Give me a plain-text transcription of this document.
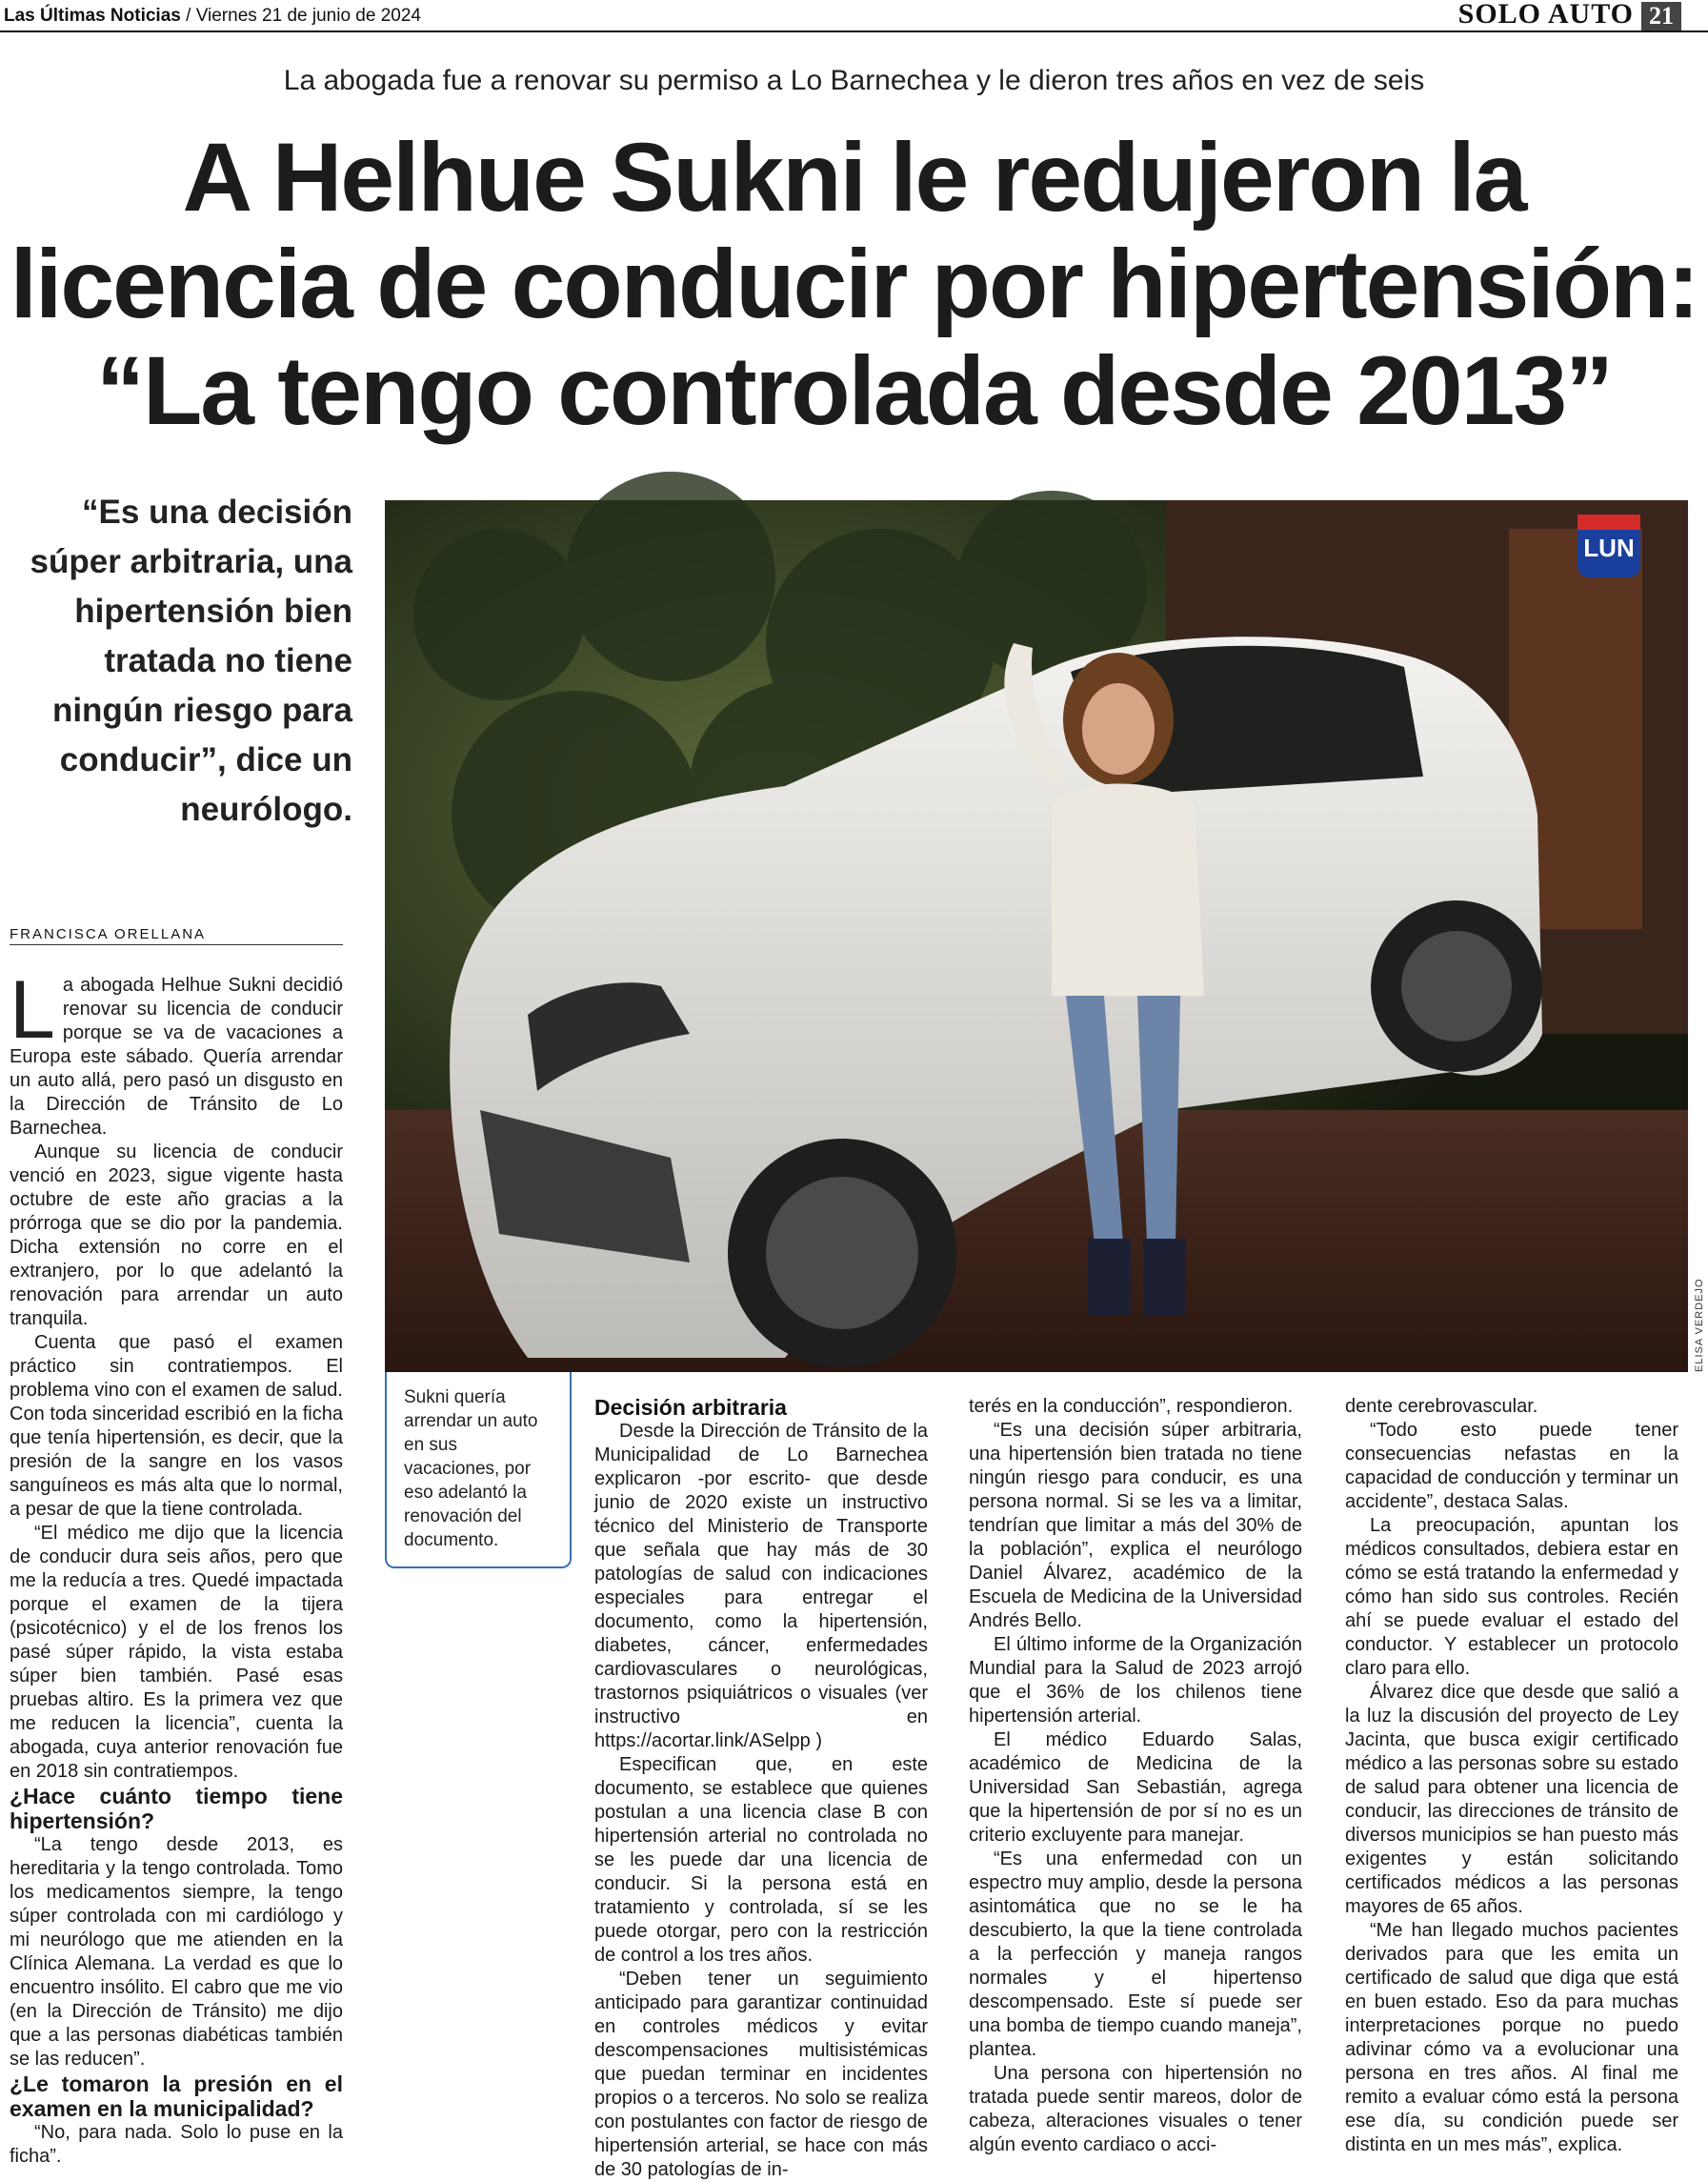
Las Últimas Noticias / Viernes 21 de junio de 2024	SOLO AUTO 21
La abogada fue a renovar su permiso a Lo Barnechea y le dieron tres años en vez de seis
A Helhue Sukni le redujeron la licencia de conducir por hipertensión: “La tengo controlada desde 2013”
“Es una decisión súper arbitraria, una hipertensión bien tratada no tiene ningún riesgo para conducir”, dice un neurólogo.
LUN
ELISA VERDEJO
Sukni quería arrendar un auto en sus vacaciones, por eso adelantó la renovación del documento.
FRANCISCA ORELLANA

La abogada Helhue Sukni decidió renovar su licencia de conducir porque se va de vacaciones a Europa este sábado. Quería arrendar un auto allá, pero pasó un disgusto en la Dirección de Tránsito de Lo Barnechea.

Aunque su licencia de conducir venció en 2023, sigue vigente hasta octubre de este año gracias a la prórroga que se dio por la pandemia. Dicha extensión no corre en el extranjero, por lo que adelantó la renovación para arrendar un auto tranquila.

Cuenta que pasó el examen práctico sin contratiempos. El problema vino con el examen de salud. Con toda sinceridad escribió en la ficha que tenía hipertensión, es decir, que la presión de la sangre en los vasos sanguíneos es más alta que lo normal, a pesar de que la tiene controlada.

“El médico me dijo que la licencia de conducir dura seis años, pero que me la reducía a tres. Quedé impactada porque el examen de la tijera (psicotécnico) y el de los frenos los pasé súper rápido, la vista estaba súper bien también. Pasé esas pruebas altiro. Es la primera vez que me reducen la licencia”, cuenta la abogada, cuya anterior renovación fue en 2018 sin contratiempos.

¿Hace cuánto tiempo tiene hipertensión?

“La tengo desde 2013, es hereditaria y la tengo controlada. Tomo los medicamentos siempre, la tengo súper controlada con mi cardiólogo y mi neurólogo que me atienden en la Clínica Alemana. La verdad es que lo encuentro insólito. El cabro que me vio (en la Dirección de Tránsito) me dijo que a las personas diabéticas también se las reducen”.

¿Le tomaron la presión en el examen en la municipalidad?

“No, para nada. Solo lo puse en la ficha”.

Decisión arbitraria

Desde la Dirección de Tránsito de la Municipalidad de Lo Barnechea explicaron -por escrito- que desde junio de 2020 existe un instructivo técnico del Ministerio de Transporte que señala que hay más de 30 patologías de salud con indicaciones especiales para entregar el documento, como la hipertensión, diabetes, cáncer, enfermedades cardiovasculares o neurológicas, trastornos psiquiátricos o visuales (ver instructivo en https://acortar.link/ASelpp )

Especifican que, en este documento, se establece que quienes postulan a una licencia clase B con hipertensión arterial no controlada no se les puede dar una licencia de conducir. Si la persona está en tratamiento y controlada, sí se les puede otorgar, pero con la restricción de control a los tres años.

“Deben tener un seguimiento anticipado para garantizar continuidad en controles médicos y evitar descompensaciones multisistémicas que puedan terminar en incidentes propios o a terceros. No solo se realiza con postulantes con factor de riesgo de hipertensión arterial, se hace con más de 30 patologías de in-

terés en la conducción”, respondieron.

“Es una decisión súper arbitraria, una hipertensión bien tratada no tiene ningún riesgo para conducir, es una persona normal. Si se les va a limitar, tendrían que limitar a más del 30% de la población”, explica el neurólogo Daniel Álvarez, académico de la Escuela de Medicina de la Universidad Andrés Bello.

El último informe de la Organización Mundial para la Salud de 2023 arrojó que el 36% de los chilenos tiene hipertensión arterial.

El médico Eduardo Salas, académico de Medicina de la Universidad San Sebastián, agrega que la hipertensión de por sí no es un criterio excluyente para manejar.

“Es una enfermedad con un espectro muy amplio, desde la persona asintomática que no se le ha descubierto, la que la tiene controlada a la perfección y maneja rangos normales y el hipertenso descompensado. Este sí puede ser una bomba de tiempo cuando maneja”, plantea.

Una persona con hipertensión no tratada puede sentir mareos, dolor de cabeza, alteraciones visuales o tener algún evento cardiaco o acci-

dente cerebrovascular.

“Todo esto puede tener consecuencias nefastas en la capacidad de conducción y terminar un accidente”, destaca Salas.

La preocupación, apuntan los médicos consultados, debiera estar en cómo se está tratando la enfermedad y cómo han sido sus controles. Recién ahí se puede evaluar el estado del conductor. Y establecer un protocolo claro para ello.

Álvarez dice que desde que salió a la luz la discusión del proyecto de Ley Jacinta, que busca exigir certificado médico a las personas sobre su estado de salud para obtener una licencia de conducir, las direcciones de tránsito de diversos municipios se han puesto más exigentes y están solicitando certificados médicos a las personas mayores de 65 años.

“Me han llegado muchos pacientes derivados para que les emita un certificado de salud que diga que está en buen estado. Eso da para muchas interpretaciones porque no puedo adivinar cómo va a evolucionar una persona en tres años. Al final me remito a evaluar cómo está la persona ese día, su condición puede ser distinta en un mes más”, explica.
